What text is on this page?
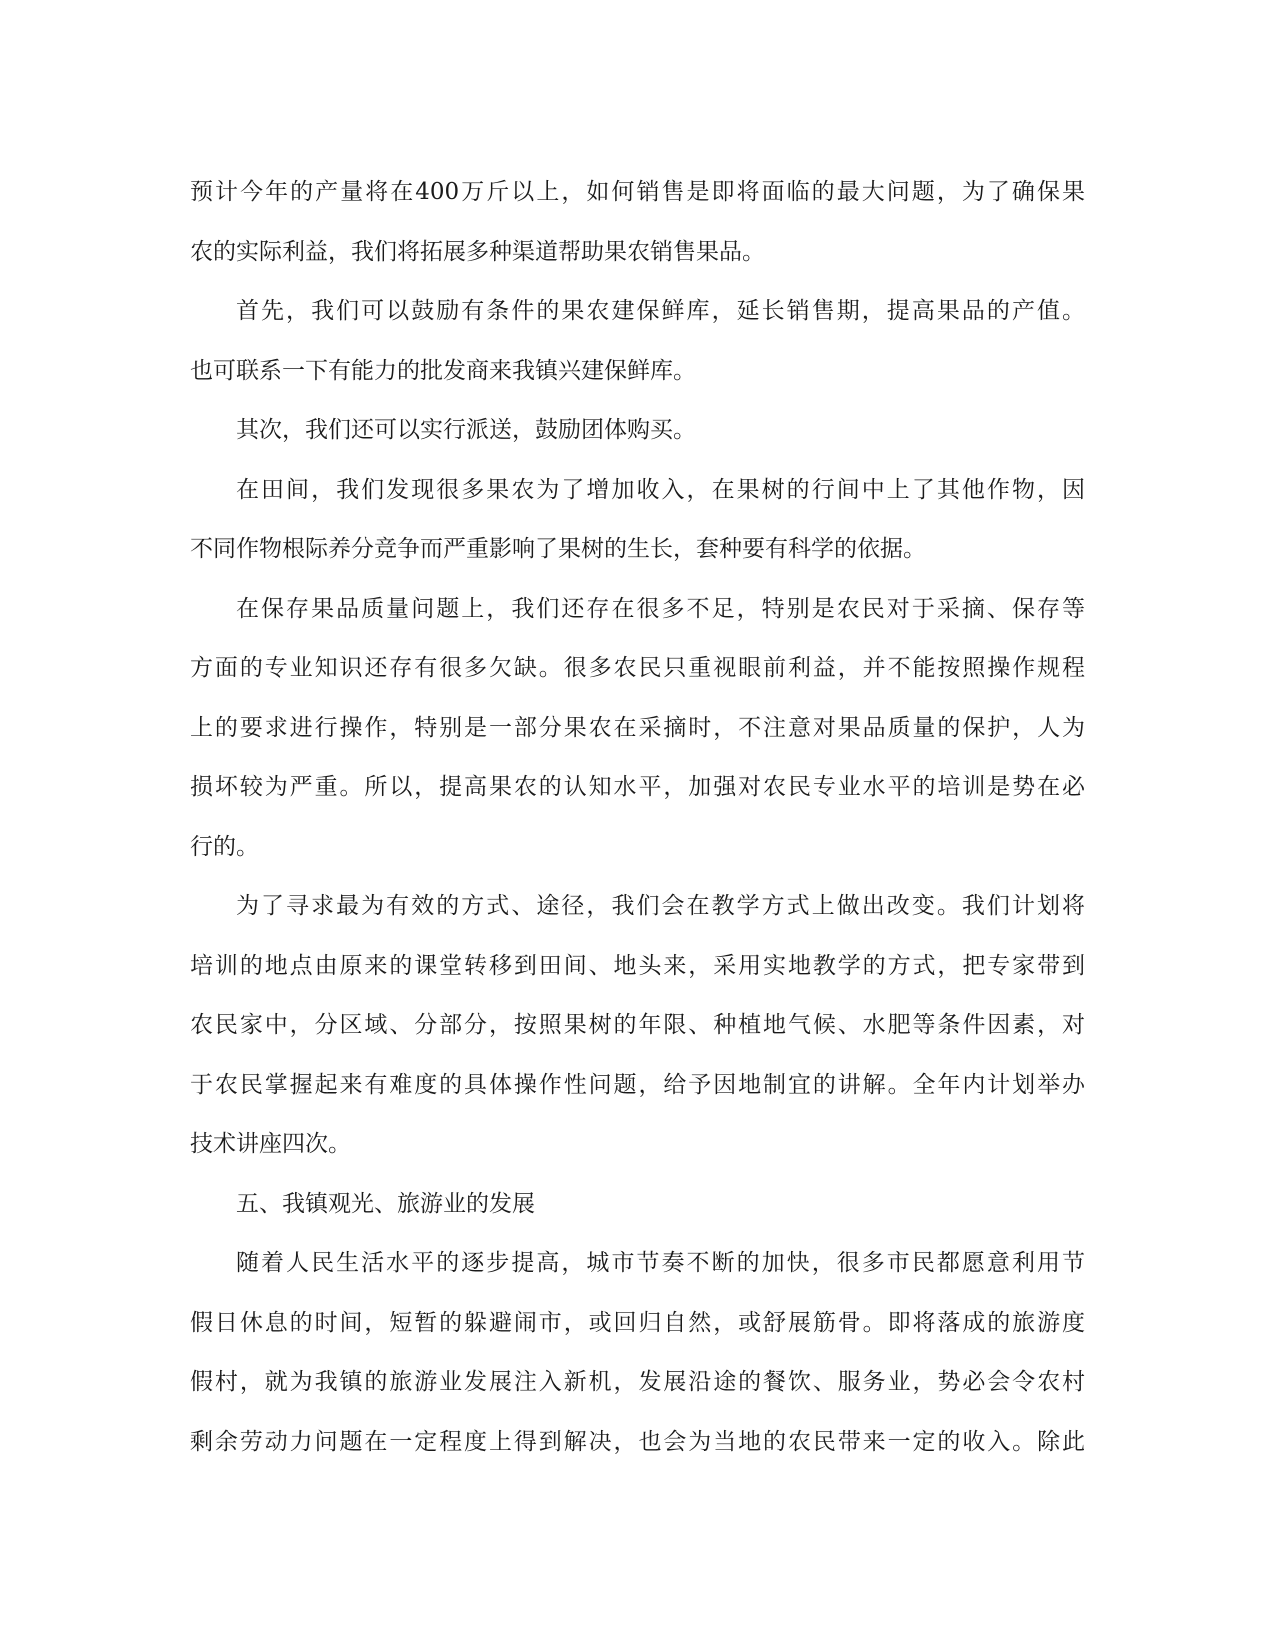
预计今年的产量将在400万斤以上，如何销售是即将面临的最大问题，为了确保果
农的实际利益，我们将拓展多种渠道帮助果农销售果品。
首先，我们可以鼓励有条件的果农建保鲜库，延长销售期，提高果品的产值。
也可联系一下有能力的批发商来我镇兴建保鲜库。
其次，我们还可以实行派送，鼓励团体购买。
在田间，我们发现很多果农为了增加收入，在果树的行间中上了其他作物，因
不同作物根际养分竞争而严重影响了果树的生长，套种要有科学的依据。
在保存果品质量问题上，我们还存在很多不足，特别是农民对于采摘、保存等
方面的专业知识还存有很多欠缺。很多农民只重视眼前利益，并不能按照操作规程
上的要求进行操作，特别是一部分果农在采摘时，不注意对果品质量的保护，人为
损坏较为严重。所以，提高果农的认知水平，加强对农民专业水平的培训是势在必
行的。
为了寻求最为有效的方式、途径，我们会在教学方式上做出改变。我们计划将
培训的地点由原来的课堂转移到田间、地头来，采用实地教学的方式，把专家带到
农民家中，分区域、分部分，按照果树的年限、种植地气候、水肥等条件因素，对
于农民掌握起来有难度的具体操作性问题，给予因地制宜的讲解。全年内计划举办
技术讲座四次。
五、我镇观光、旅游业的发展
随着人民生活水平的逐步提高，城市节奏不断的加快，很多市民都愿意利用节
假日休息的时间，短暂的躲避闹市，或回归自然，或舒展筋骨。即将落成的旅游度
假村，就为我镇的旅游业发展注入新机，发展沿途的餐饮、服务业，势必会令农村
剩余劳动力问题在一定程度上得到解决，也会为当地的农民带来一定的收入。除此
